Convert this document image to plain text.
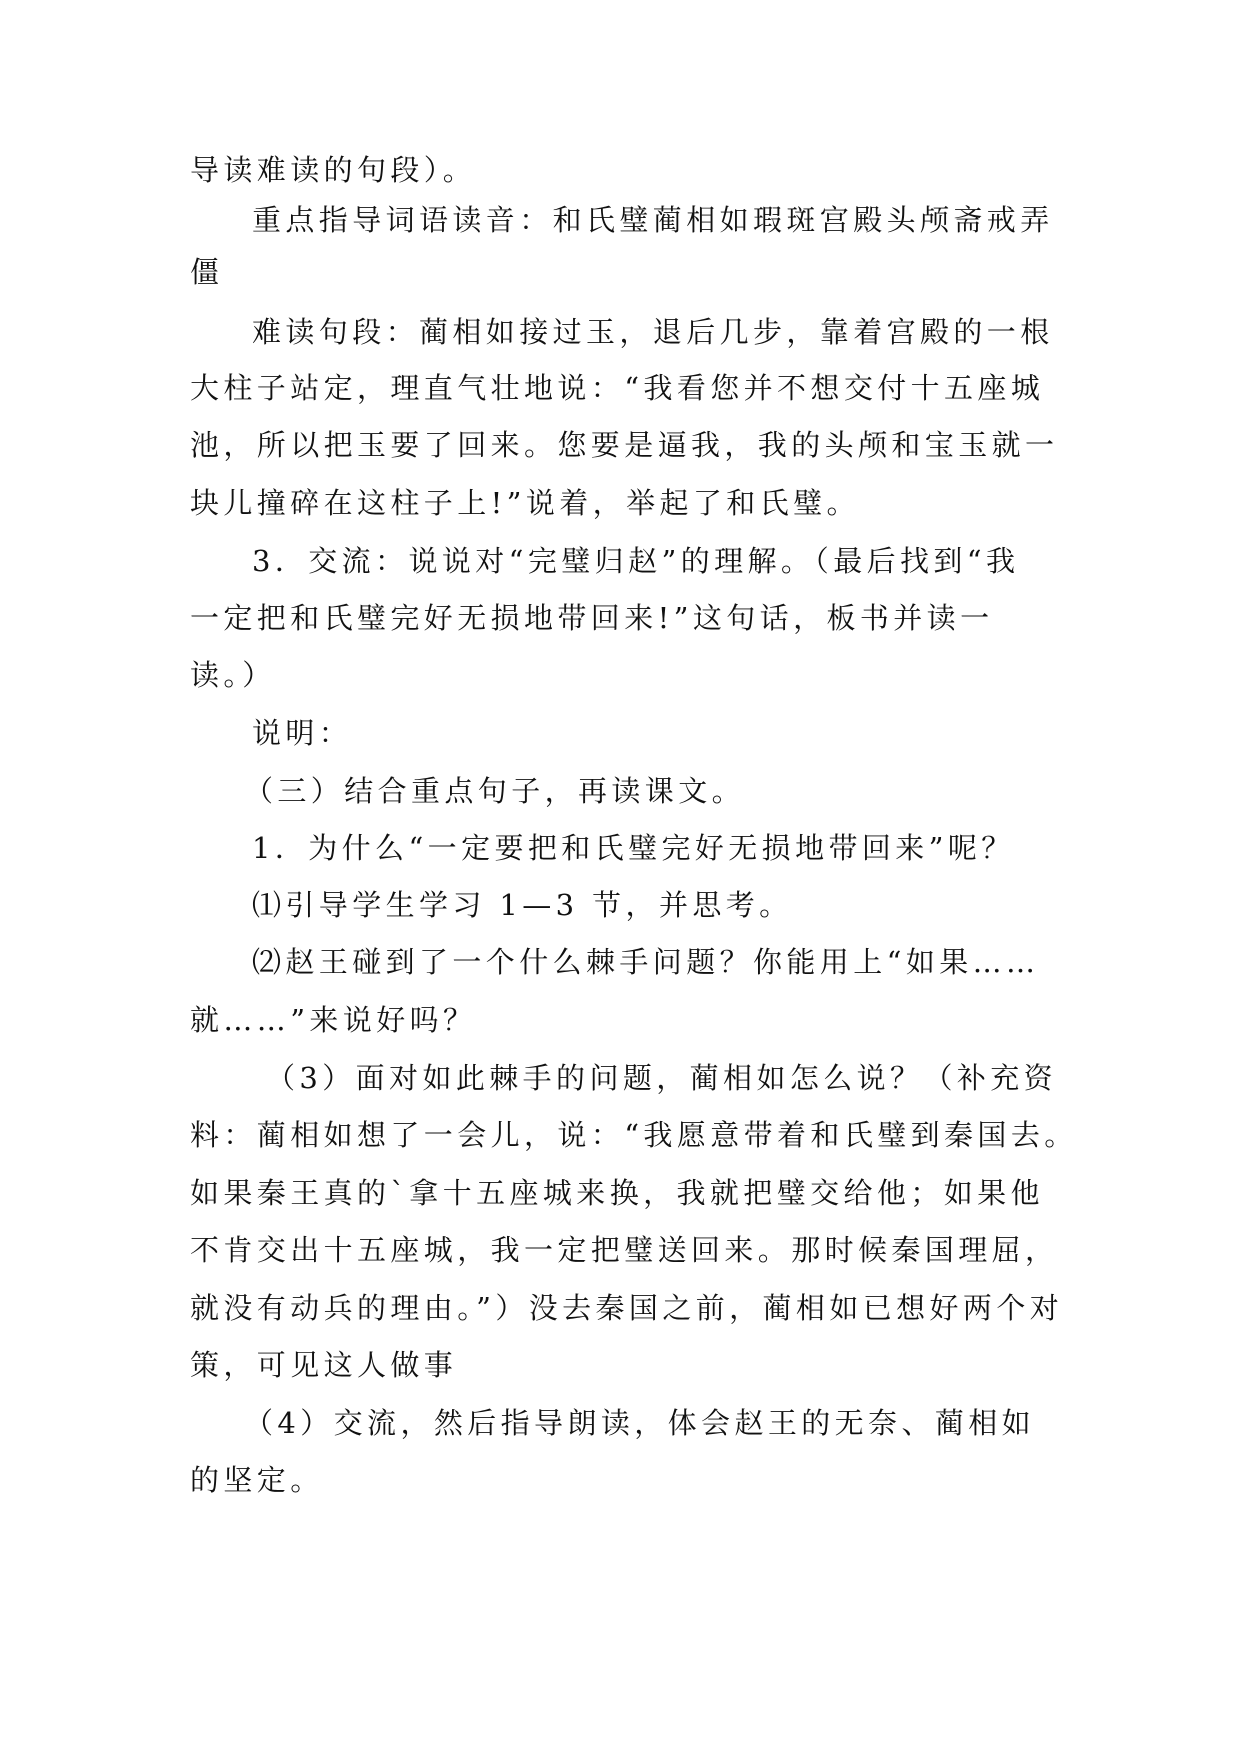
导读难读的句段）。
重点指导词语读音：和氏璧蔺相如瑕斑宫殿头颅斋戒弄
僵
难读句段：蔺相如接过玉，退后几步，靠着宫殿的一根
大柱子站定，理直气壮地说：“我看您并不想交付十五座城
池，所以把玉要了回来。您要是逼我，我的头颅和宝玉就一
块儿撞碎在这柱子上!”说着，举起了和氏璧。
3．交流：说说对“完璧归赵”的理解。（最后找到“我
一定把和氏璧完好无损地带回来!”这句话，板书并读一
读。）
说明：
（三）结合重点句子，再读课文。
1．为什么“一定要把和氏璧完好无损地带回来”呢？
⑴引导学生学习 1—3 节，并思考。
⑵赵王碰到了一个什么棘手问题？你能用上“如果……
就……”来说好吗？
（3）面对如此棘手的问题，蔺相如怎么说？（补充资
料：蔺相如想了一会儿，说：“我愿意带着和氏璧到秦国去。
如果秦王真的`拿十五座城来换，我就把璧交给他；如果他
不肯交出十五座城，我一定把璧送回来。那时候秦国理屈，
就没有动兵的理由。”）没去秦国之前，蔺相如已想好两个对
策，可见这人做事
（4）交流，然后指导朗读，体会赵王的无奈、蔺相如
的坚定。
